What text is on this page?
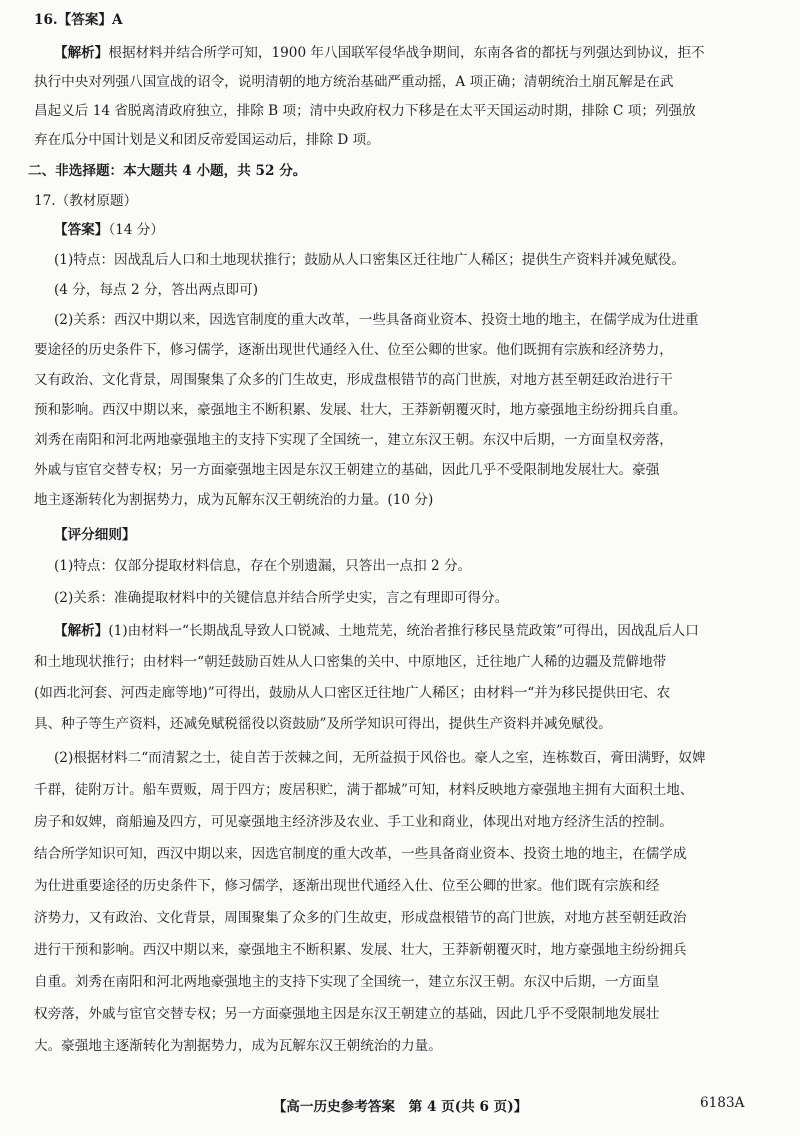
16.【答案】A
【解析】根据材料并结合所学可知，1900 年八国联军侵华战争期间，东南各省的都抚与列强达到协议，拒不
执行中央对列强八国宣战的诏令，说明清朝的地方统治基础严重动摇，A 项正确；清朝统治土崩瓦解是在武
昌起义后 14 省脱离清政府独立，排除 B 项；清中央政府权力下移是在太平天国运动时期，排除 C 项；列强放
弃在瓜分中国计划是义和团反帝爱国运动后，排除 D 项。
二、非选择题：本大题共 4 小题，共 52 分。
17.（教材原题）
【答案】（14 分）
(1)特点：因战乱后人口和土地现状推行；鼓励从人口密集区迁往地广人稀区；提供生产资料并减免赋役。
(4 分，每点 2 分，答出两点即可)
(2)关系：西汉中期以来，因选官制度的重大改革，一些具备商业资本、投资土地的地主，在儒学成为仕进重
要途径的历史条件下，修习儒学，逐渐出现世代通经入仕、位至公卿的世家。他们既拥有宗族和经济势力，
又有政治、文化背景，周围聚集了众多的门生故吏，形成盘根错节的高门世族，对地方甚至朝廷政治进行干
预和影响。西汉中期以来，豪强地主不断积累、发展、壮大，王莽新朝覆灭时，地方豪强地主纷纷拥兵自重。
刘秀在南阳和河北两地豪强地主的支持下实现了全国统一，建立东汉王朝。东汉中后期，一方面皇权旁落，
外戚与宦官交替专权；另一方面豪强地主因是东汉王朝建立的基础，因此几乎不受限制地发展壮大。豪强
地主逐渐转化为割据势力，成为瓦解东汉王朝统治的力量。(10 分)
【评分细则】
(1)特点：仅部分提取材料信息，存在个别遗漏，只答出一点扣 2 分。
(2)关系：准确提取材料中的关键信息并结合所学史实，言之有理即可得分。
【解析】(1)由材料一“长期战乱导致人口锐减、土地荒芜，统治者推行移民垦荒政策”可得出，因战乱后人口
和土地现状推行；由材料一“朝廷鼓励百姓从人口密集的关中、中原地区，迁往地广人稀的边疆及荒僻地带
(如西北河套、河西走廊等地)”可得出，鼓励从人口密区迁往地广人稀区；由材料一“并为移民提供田宅、农
具、种子等生产资料，还减免赋税徭役以资鼓励”及所学知识可得出，提供生产资料并减免赋役。
(2)根据材料二“而清絜之士，徒自苦于茨棘之间，无所益损于风俗也。豪人之室，连栋数百，膏田满野，奴婢
千群，徒附万计。船车贾贩，周于四方；废居积贮，满于都城”可知，材料反映地方豪强地主拥有大面积土地、
房子和奴婢，商船遍及四方，可见豪强地主经济涉及农业、手工业和商业，体现出对地方经济生活的控制。
结合所学知识可知，西汉中期以来，因选官制度的重大改革，一些具备商业资本、投资土地的地主，在儒学成
为仕进重要途径的历史条件下，修习儒学，逐渐出现世代通经入仕、位至公卿的世家。他们既有宗族和经
济势力，又有政治、文化背景，周围聚集了众多的门生故吏，形成盘根错节的高门世族，对地方甚至朝廷政治
进行干预和影响。西汉中期以来，豪强地主不断积累、发展、壮大，王莽新朝覆灭时，地方豪强地主纷纷拥兵
自重。刘秀在南阳和河北两地豪强地主的支持下实现了全国统一，建立东汉王朝。东汉中后期，一方面皇
权旁落，外戚与宦官交替专权；另一方面豪强地主因是东汉王朝建立的基础，因此几乎不受限制地发展壮
大。豪强地主逐渐转化为割据势力，成为瓦解东汉王朝统治的力量。
【高一历史参考答案　第 4 页(共 6 页)】	6183A
